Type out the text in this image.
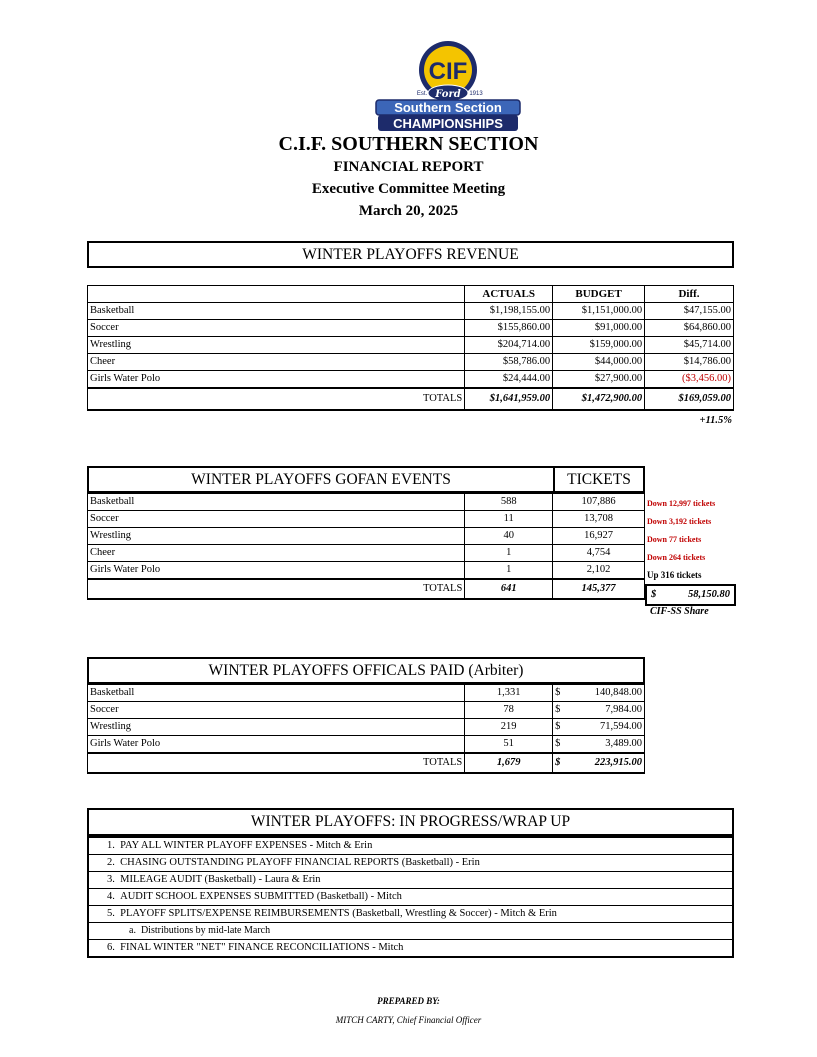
CIF
Ford
Est.	1913
Southern Section
CHAMPIONSHIPS
C.I.F. SOUTHERN SECTION
FINANCIAL REPORT
Executive Committee Meeting
March 20, 2025
WINTER PLAYOFFS REVENUE
	ACTUALS	BUDGET	Diff.
Basketball	$1,198,155.00	$1,151,000.00	$47,155.00
Soccer	$155,860.00	$91,000.00	$64,860.00
Wrestling	$204,714.00	$159,000.00	$45,714.00
Cheer	$58,786.00	$44,000.00	$14,786.00
Girls Water Polo	$24,444.00	$27,900.00	($3,456.00)
TOTALS	$1,641,959.00	$1,472,900.00	$169,059.00
+11.5%
WINTER PLAYOFFS GOFAN EVENTS	TICKETS
Basketball	588	107,886
Soccer	11	13,708
Wrestling	40	16,927
Cheer	1	4,754
Girls Water Polo	1	2,102
TOTALS	641	145,377
Down 12,997 tickets
Down 3,192 tickets
Down 77 tickets
Down 264 tickets
Up 316 tickets
$	58,150.80
CIF-SS Share
WINTER PLAYOFFS OFFICALS PAID (Arbiter)
Basketball	1,331	$ 140,848.00

Soccer	78	$ 7,984.00

Wrestling	219	$ 71,594.00

Girls Water Polo	51	$ 3,489.00

TOTALS	1,679	$ 223,915.00
WINTER PLAYOFFS: IN PROGRESS/WRAP UP
1. PAY ALL WINTER PLAYOFF EXPENSES - Mitch & Erin
2. CHASING OUTSTANDING PLAYOFF FINANCIAL REPORTS (Basketball) - Erin
3. MILEAGE AUDIT (Basketball) - Laura & Erin
4. AUDIT SCHOOL EXPENSES SUBMITTED (Basketball) - Mitch
5. PLAYOFF SPLITS/EXPENSE REIMBURSEMENTS (Basketball, Wrestling & Soccer) - Mitch & Erin
a. Distributions by mid-late March
6. FINAL WINTER "NET" FINANCE RECONCILIATIONS - Mitch
PREPARED BY:
MITCH CARTY, Chief Financial Officer
